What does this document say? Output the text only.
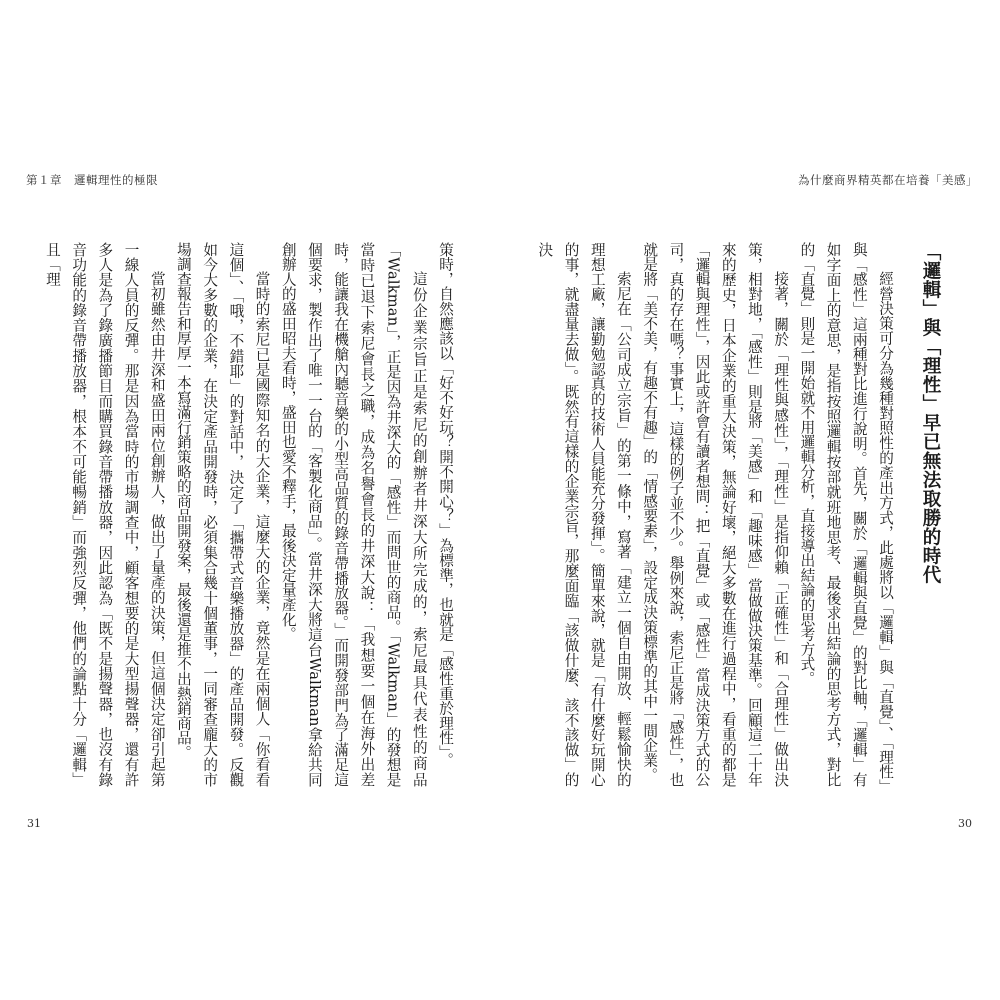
第１章　邏輯理性的極限	為什麼商界精英都在培養「美感」
「邏輯」與「理性」早已無法取勝的時代

經營決策可分為幾種對照性的產出方式，此處將以「邏輯」與「直覺」、「理性」與「感性」這兩種對比進行說明。首先，關於「邏輯與直覺」的對比軸，「邏輯」有如字面上的意思，是指按照邏輯按部就班地思考、最後求出結論的思考方式，對比的「直覺」則是一開始就不用邏輯分析，直接導出結論的思考方式。

接著，關於「理性與感性」，「理性」是指仰賴「正確性」和「合理性」做出決策，相對地，「感性」則是將「美感」和「趣味感」當做做決策基準。回顧這二十年來的歷史，日本企業的重大決策，無論好壞，絕大多數在進行過程中，看重的都是「邏輯與理性」，因此或許會有讀者想問：把「直覺」或「感性」當成決策方式的公司，真的存在嗎？事實上，這樣的例子並不少。舉例來說，索尼正是將「感性」，也就是將「美不美，有趣不有趣」的「情感要素」，設定成決策標準的其中一間企業。

索尼在「公司成立宗旨」的第一條中，寫著「建立一個自由開放、輕鬆愉快的理想工廠，讓勤勉認真的技術人員能充分發揮」。簡單來說，就是「有什麼好玩開心的事，就盡量去做」。既然有這樣的企業宗旨，那麼面臨「該做什麼、該不該做」的決

策時，自然應該以「好不好玩？開不開心？」為標準，也就是「感性重於理性」。

這份企業宗旨正是索尼的創辦者井深大所完成的，索尼最具代表性的商品「Walkman」，正是因為井深大的「感性」而問世的商品。「Walkman」的發想是當時已退下索尼會長之職，成為名譽會長的井深大說：「我想要一個在海外出差時，能讓我在機艙內聽音樂的小型高品質的錄音帶播放器。」而開發部門為了滿足這個要求，製作出了唯一一台的「客製化商品」。當井深大將這台Walkman拿給共同創辦人的盛田昭夫看時，盛田也愛不釋手，最後決定量產化。

當時的索尼已是國際知名的大企業，這麼大的企業，竟然是在兩個人「你看看這個」、「哦，不錯耶」的對話中，決定了「攜帶式音樂播放器」的產品開發。反觀如今大多數的企業，在決定產品開發時，必須集合幾十個董事，一同審查龐大的市場調查報告和厚厚一本寫滿行銷策略的商品開發案，最後還是推不出熱銷商品。

當初雖然由井深和盛田兩位創辦人，做出了量產的決策，但這個決定卻引起第一線人員的反彈。那是因為當時的市場調查中，顧客想要的是大型揚聲器，還有許多人是為了錄廣播節目而購買錄音帶播放器，因此認為「既不是揚聲器，也沒有錄音功能的錄音帶播放器，根本不可能暢銷」而強烈反彈，他們的論點十分「邏輯」且「理

31	30
